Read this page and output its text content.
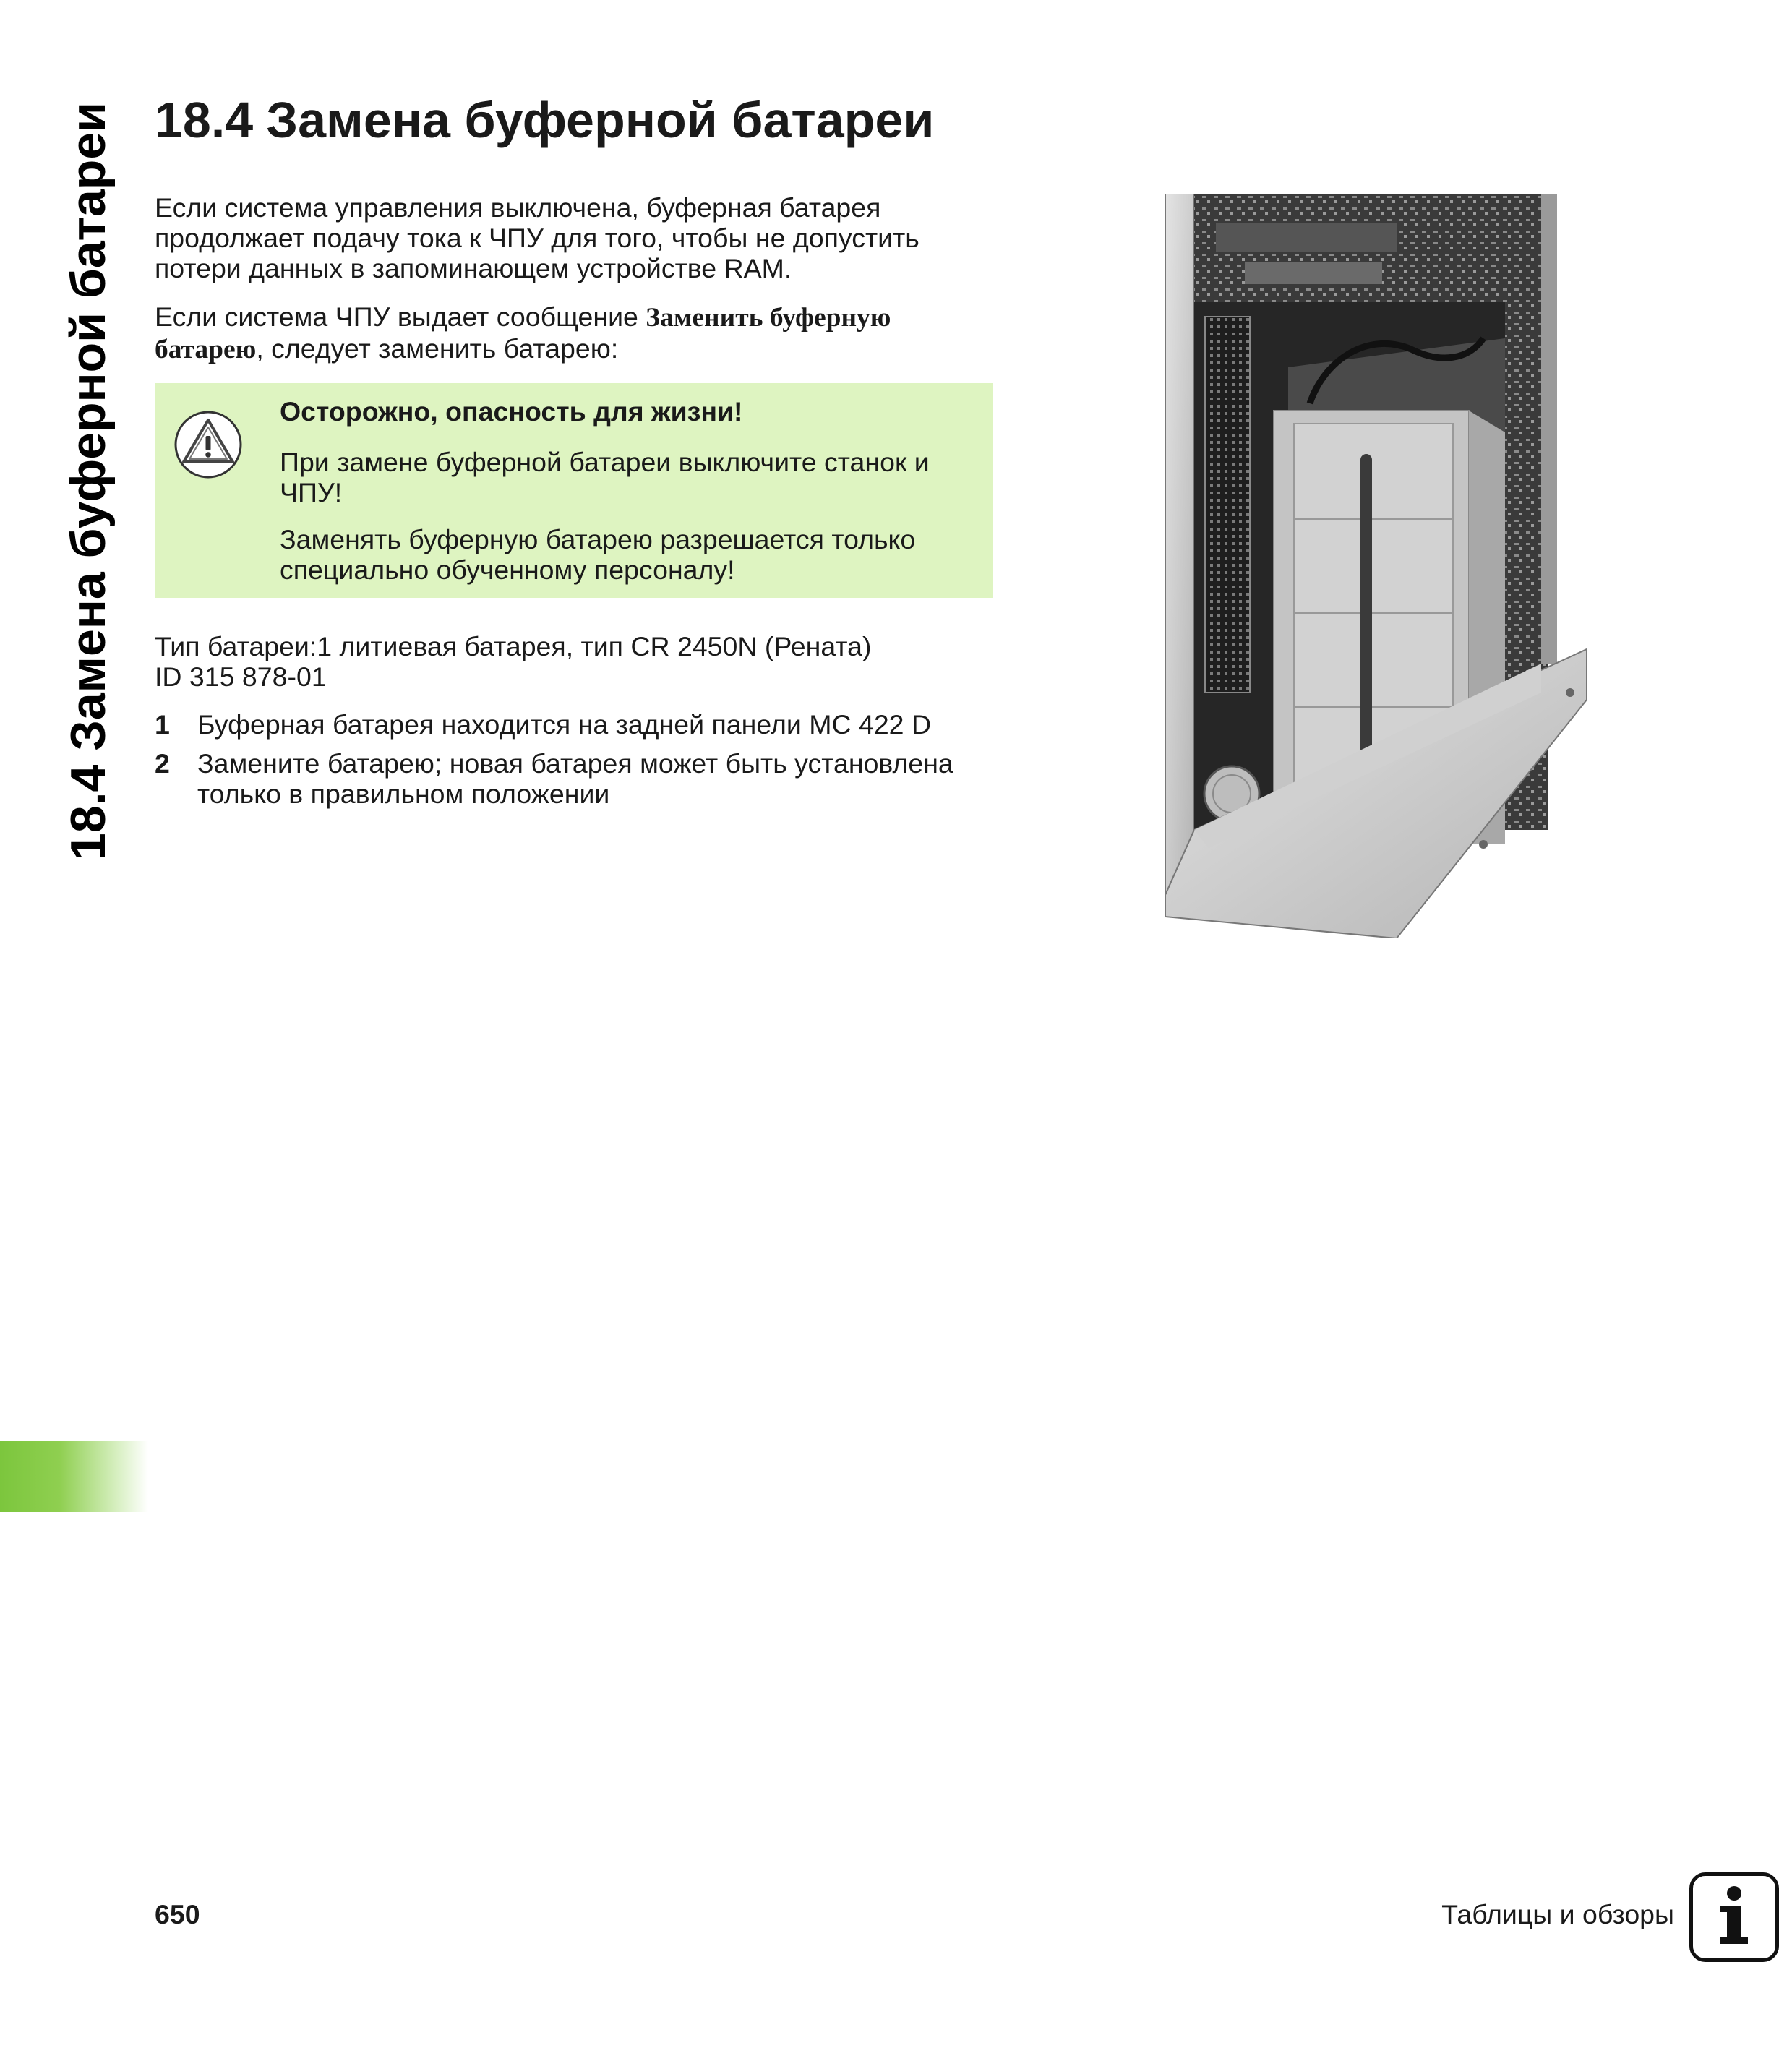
18.4 Замена буферной батареи 18.4 Замена буферной батареи

Если система управления выключена, буферная батарея продолжает подачу тока к ЧПУ для того, чтобы не допустить потери данных в запоминающем устройстве RAM.

Если система ЧПУ выдает сообщение Заменить буферную батарею, следует заменить батарею:

Осторожно, опасность для жизни!
При замене буферной батареи выключите станок и ЧПУ!
Заменять буферную батарею разрешается только специально обученному персоналу!
Тип батареи:1 литиевая батарея, тип CR 2450N (Рената)
ID 315 878-01
1 Буферная батарея находится на задней панели MC 422 D
2 Замените батарею; новая батарея может быть установлена только в правильном положении
650	Таблицы и обзоры
